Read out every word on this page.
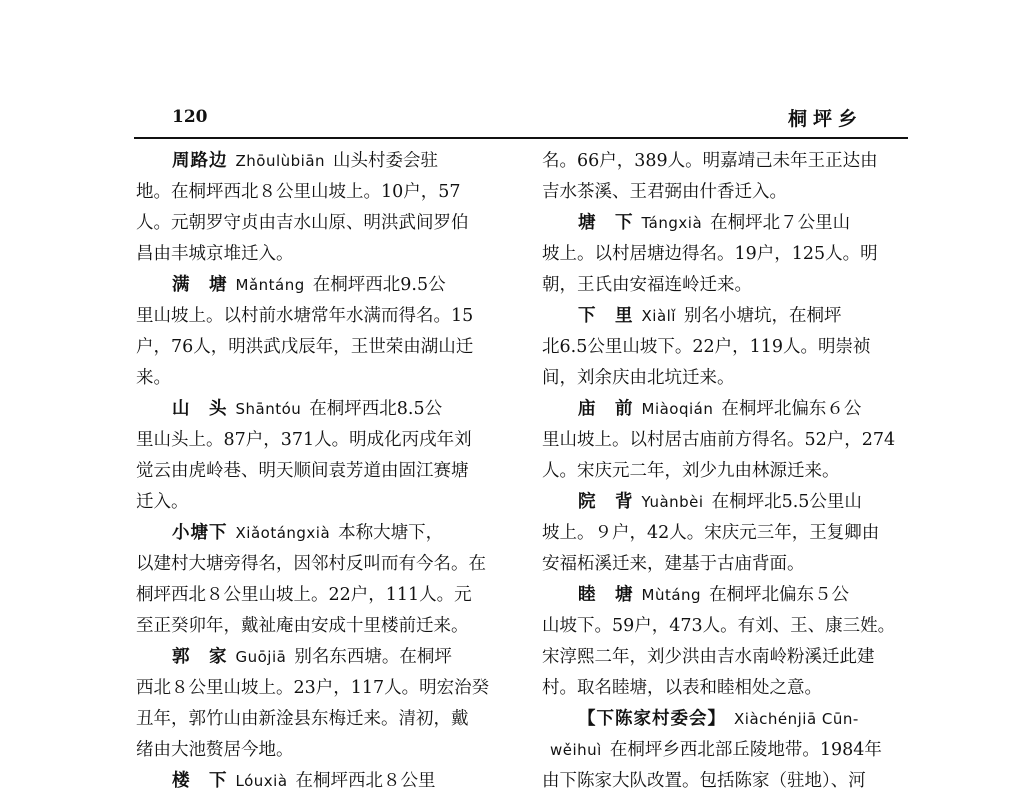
120	桐坪乡
周路边 Zhōulùbiān 山头村委会驻
地。在桐坪西北８公里山坡上。10户，57
人。元朝罗守贞由吉水山原、明洪武间罗伯
昌由丰城京堆迁入。
满　塘 Mǎntáng 在桐坪西北9.5公
里山坡上。以村前水塘常年水满而得名。15
户，76人，明洪武戊辰年，王世荣由湖山迁
来。
山　头 Shāntóu 在桐坪西北8.5公
里山头上。87户，371人。明成化丙戌年刘
觉云由虎岭巷、明天顺间袁芳道由固江赛塘
迁入。
小塘下 Xiǎotángxià 本称大塘下，
以建村大塘旁得名，因邻村反叫而有今名。在
桐坪西北８公里山坡上。22户，111人。元
至正癸卯年，戴祉庵由安成十里楼前迁来。
郭　家 Guōjiā 别名东西塘。在桐坪
西北８公里山坡上。23户，117人。明宏治癸
丑年，郭竹山由新淦县东梅迁来。清初，戴
绪由大池赘居今地。
楼　下 Lóuxià 在桐坪西北８公里
名。66户，389人。明嘉靖己未年王正达由
吉水茶溪、王君弼由什香迁入。
塘　下 Tángxià 在桐坪北７公里山
坡上。以村居塘边得名。19户，125人。明
朝，王氏由安福连岭迁来。
下　里 Xiàlǐ 别名小塘坑，在桐坪
北6.5公里山坡下。22户，119人。明崇祯
间，刘余庆由北坑迁来。
庙　前 Miàoqián 在桐坪北偏东６公
里山坡上。以村居古庙前方得名。52户，274
人。宋庆元二年，刘少九由林源迁来。
院　背 Yuànbèi 在桐坪北5.5公里山
坡上。９户，42人。宋庆元三年，王复卿由
安福柘溪迁来，建基于古庙背面。
睦　塘 Mùtáng 在桐坪北偏东５公
山坡下。59户，473人。有刘、王、康三姓。
宋淳熙二年，刘少洪由吉水南岭粉溪迁此建
村。取名睦塘，以表和睦相处之意。
【下陈家村委会】 Xiàchénjiā Cūn-
wěihuì 在桐坪乡西北部丘陵地带。1984年
由下陈家大队改置。包括陈家（驻地）、河
